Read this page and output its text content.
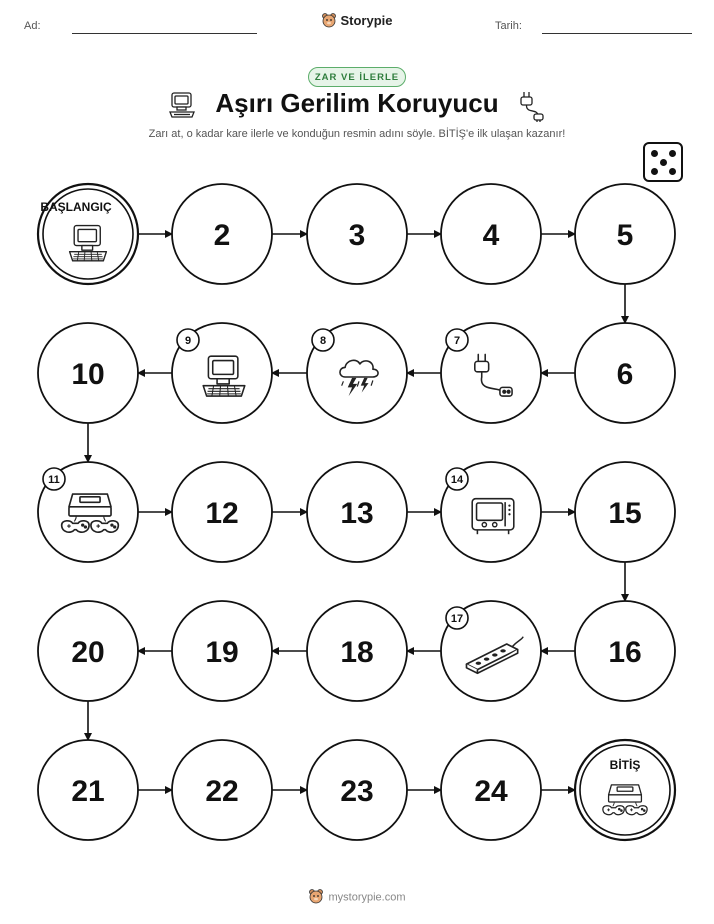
Ad:	Storypie	Tarih:
ZAR VE İLERLE
Aşırı Gerilim Koruyucu
Zarı at, o kadar kare ilerle ve konduğun resmin adını söyle. BİTİŞ'e ilk ulaşan kazanır!
BAŞLANGIÇ
2	3	4	5
6
7
8
9
10
11
12	13
14
15
16
17
18
19
20
21	22	23	24
BİTİŞ
mystorypie.com
